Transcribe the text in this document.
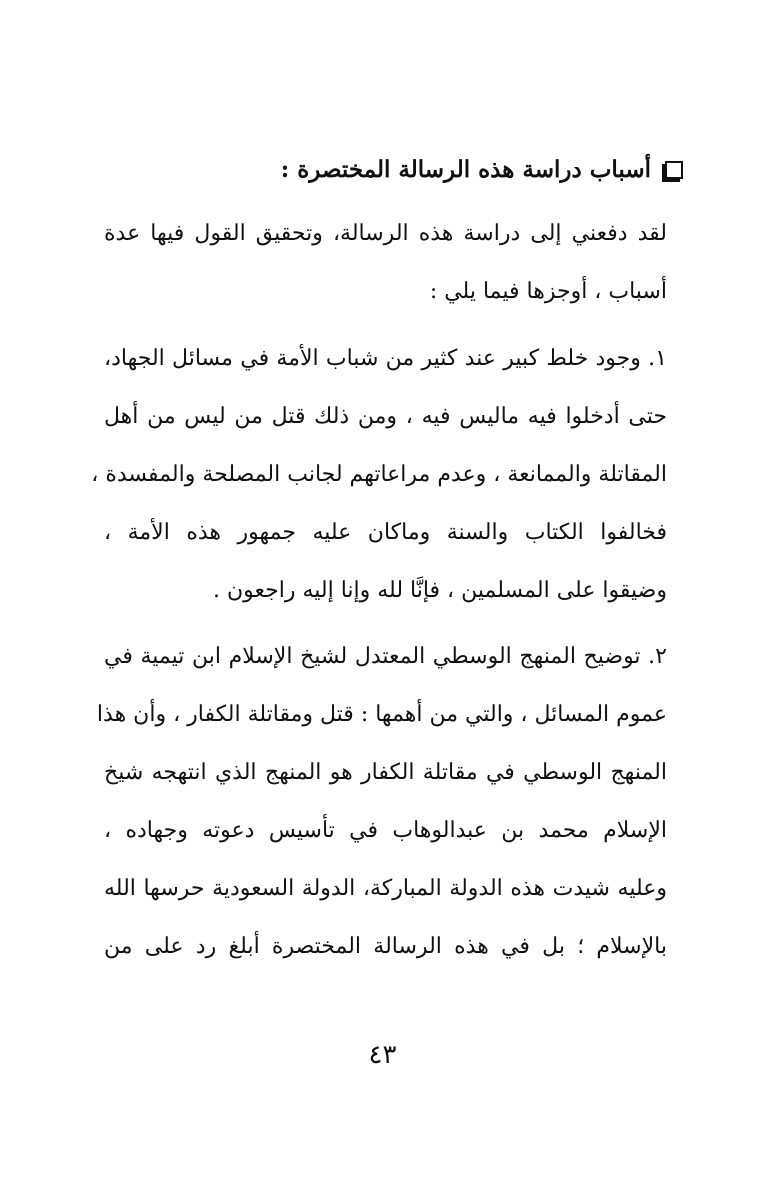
أسباب دراسة هذه الرسالة المختصرة :
لقد دفعني إلى دراسة هذه الرسالة، وتحقيق القول فيها عدة
أسباب ، أوجزها فيما يلي :
١. وجود خلط كبير عند كثير من شباب الأمة في مسائل الجهاد،
حتى أدخلوا فيه ماليس فيه ، ومن ذلك قتل من ليس من أهل
المقاتلة والممانعة ، وعدم مراعاتهم لجانب المصلحة والمفسدة ،
فخالفوا الكتاب والسنة وماكان عليه جمهور هذه الأمة ،
وضيقوا على المسلمين ، فإنَّا لله وإنا إليه راجعون .
٢. توضيح المنهج الوسطي المعتدل لشيخ الإسلام ابن تيمية في
عموم المسائل ، والتي من أهمها : قتل ومقاتلة الكفار ، وأن هذا
المنهج الوسطي في مقاتلة الكفار هو المنهج الذي انتهجه شيخ
الإسلام محمد بن عبدالوهاب في تأسيس دعوته وجهاده ،
وعليه شيدت هذه الدولة المباركة، الدولة السعودية حرسها الله
بالإسلام ؛ بل في هذه الرسالة المختصرة أبلغ رد على من
٤٣
